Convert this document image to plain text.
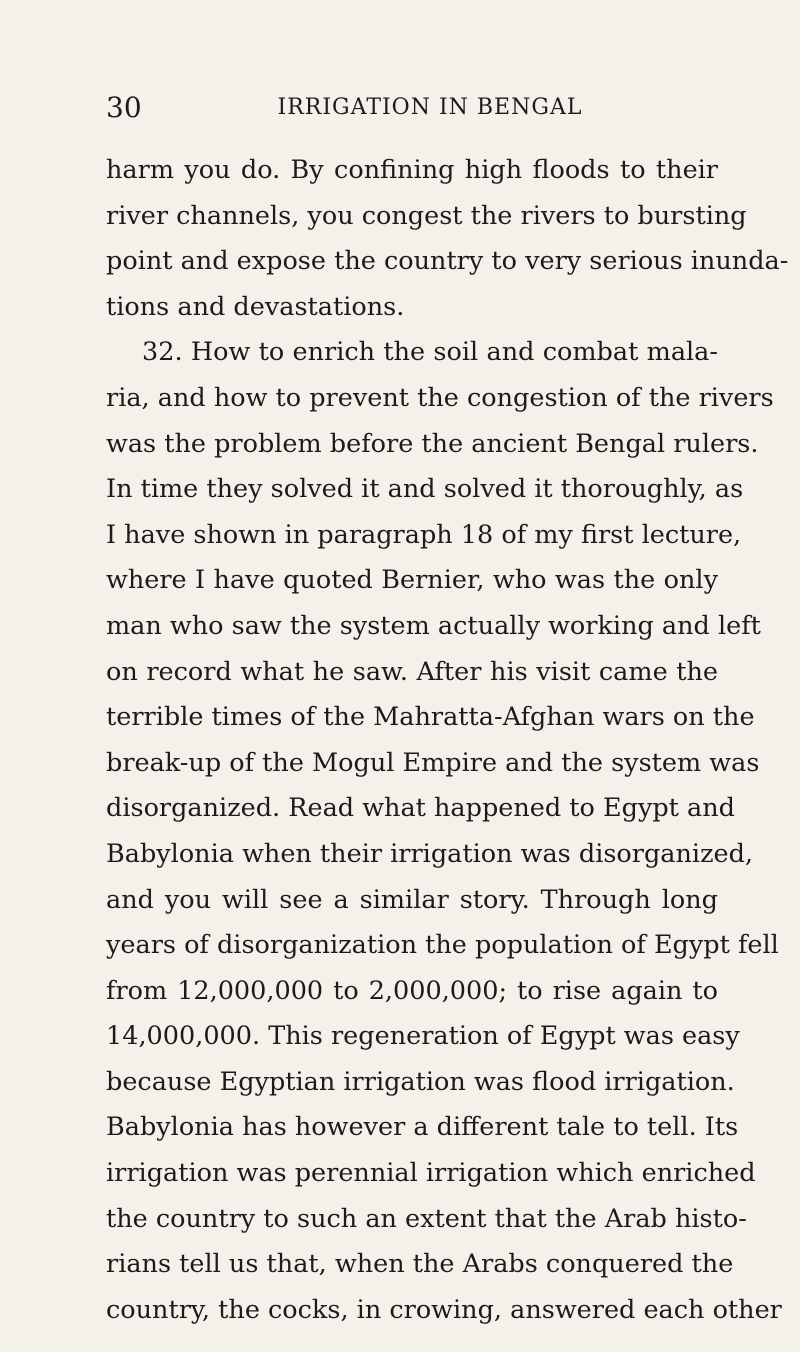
30	IRRIGATION IN BENGAL
harm you do. By confining high floods to their
river channels, you congest the rivers to bursting
point and expose the country to very serious inunda-
tions and devastations.
32. How to enrich the soil and combat mala-
ria, and how to prevent the congestion of the rivers
was the problem before the ancient Bengal rulers.
In time they solved it and solved it thoroughly, as
I have shown in paragraph 18 of my first lecture,
where I have quoted Bernier, who was the only
man who saw the system actually working and left
on record what he saw. After his visit came the
terrible times of the Mahratta-Afghan wars on the
break-up of the Mogul Empire and the system was
disorganized. Read what happened to Egypt and
Babylonia when their irrigation was disorganized,
and you will see a similar story. Through long
years of disorganization the population of Egypt fell
from 12,000,000 to 2,000,000; to rise again to
14,000,000. This regeneration of Egypt was easy
because Egyptian irrigation was flood irrigation.
Babylonia has however a different tale to tell. Its
irrigation was perennial irrigation which enriched
the country to such an extent that the Arab histo-
rians tell us that, when the Arabs conquered the
country, the cocks, in crowing, answered each other
